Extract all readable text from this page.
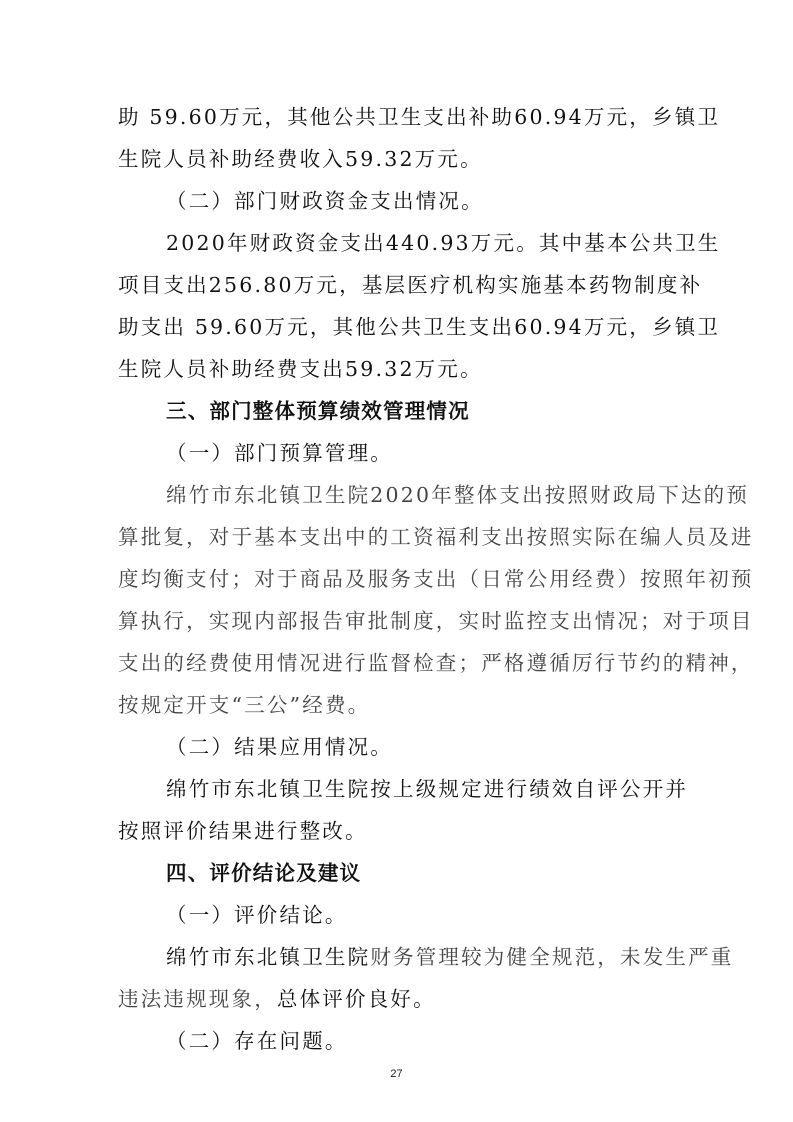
助 59.60万元，其他公共卫生支出补助60.94万元，乡镇卫
生院人员补助经费收入59.32万元。
（二）部门财政资金支出情况。
2020年财政资金支出440.93万元。其中基本公共卫生
项目支出256.80万元，基层医疗机构实施基本药物制度补
助支出 59.60万元，其他公共卫生支出60.94万元，乡镇卫
生院人员补助经费支出59.32万元。
三、部门整体预算绩效管理情况
（一）部门预算管理。
绵竹市东北镇卫生院2020年整体支出按照财政局下达的预
算批复，对于基本支出中的工资福利支出按照实际在编人员及进
度均衡支付；对于商品及服务支出（日常公用经费）按照年初预
算执行，实现内部报告审批制度，实时监控支出情况；对于项目
支出的经费使用情况进行监督检查；严格遵循厉行节约的精神，
按规定开支“三公”经费。
（二）结果应用情况。
绵竹市东北镇卫生院按上级规定进行绩效自评公开并
按照评价结果进行整改。
四、评价结论及建议
（一）评价结论。
绵竹市东北镇卫生院财务管理较为健全规范，未发生严重
违法违规现象，总体评价良好。
（二）存在问题。
27
